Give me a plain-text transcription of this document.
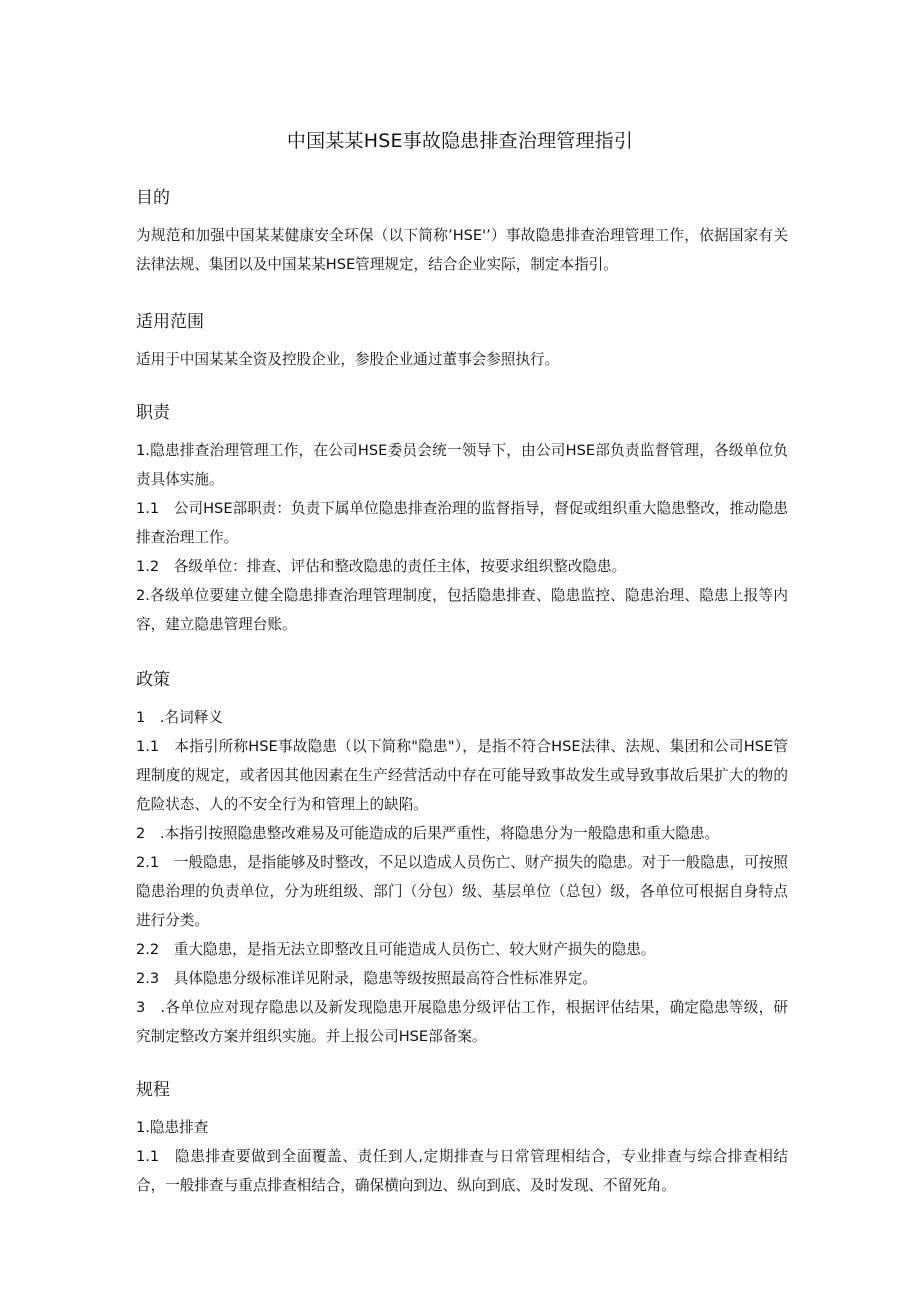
中国某某HSE事故隐患排查治理管理指引
目的

为规范和加强中国某某健康安全环保（以下简称’HSE'’）事故隐患排查治理管理工作，依据国家有关法律法规、集团以及中国某某HSE管理规定，结合企业实际，制定本指引。

适用范围

适用于中国某某全资及控股企业，参股企业通过董事会参照执行。

职责

1.隐患排查治理管理工作，在公司HSE委员会统一领导下，由公司HSE部负责监督管理，各级单位负责具体实施。

1.1　公司HSE部职责：负责下属单位隐患排查治理的监督指导，督促或组织重大隐患整改，推动隐患排查治理工作。

1.2　各级单位：排查、评估和整改隐患的责任主体，按要求组织整改隐患。

2.各级单位要建立健全隐患排查治理管理制度，包括隐患排查、隐患监控、隐患治理、隐患上报等内容，建立隐患管理台账。

政策

1　.名词释义

1.1　本指引所称HSE事故隐患（以下简称"隐患"），是指不符合HSE法律、法规、集团和公司HSE管理制度的规定，或者因其他因素在生产经营活动中存在可能导致事故发生或导致事故后果扩大的物的危险状态、人的不安全行为和管理上的缺陷。

2　.本指引按照隐患整改难易及可能造成的后果严重性，将隐患分为一般隐患和重大隐患。

2.1　一般隐患，是指能够及时整改，不足以造成人员伤亡、财产损失的隐患。对于一般隐患，可按照隐患治理的负责单位，分为班组级、部门（分包）级、基层单位（总包）级，各单位可根据自身特点进行分类。

2.2　重大隐患，是指无法立即整改且可能造成人员伤亡、较大财产损失的隐患。

2.3　具体隐患分级标准详见附录，隐患等级按照最高符合性标准界定。

3　.各单位应对现存隐患以及新发现隐患开展隐患分级评估工作，根据评估结果，确定隐患等级，研究制定整改方案并组织实施。并上报公司HSE部备案。

规程

1.隐患排查

1.1　隐患排查要做到全面覆盖、责任到人,定期排查与日常管理相结合，专业排查与综合排查相结合，一般排查与重点排查相结合，确保横向到边、纵向到底、及时发现、不留死角。
